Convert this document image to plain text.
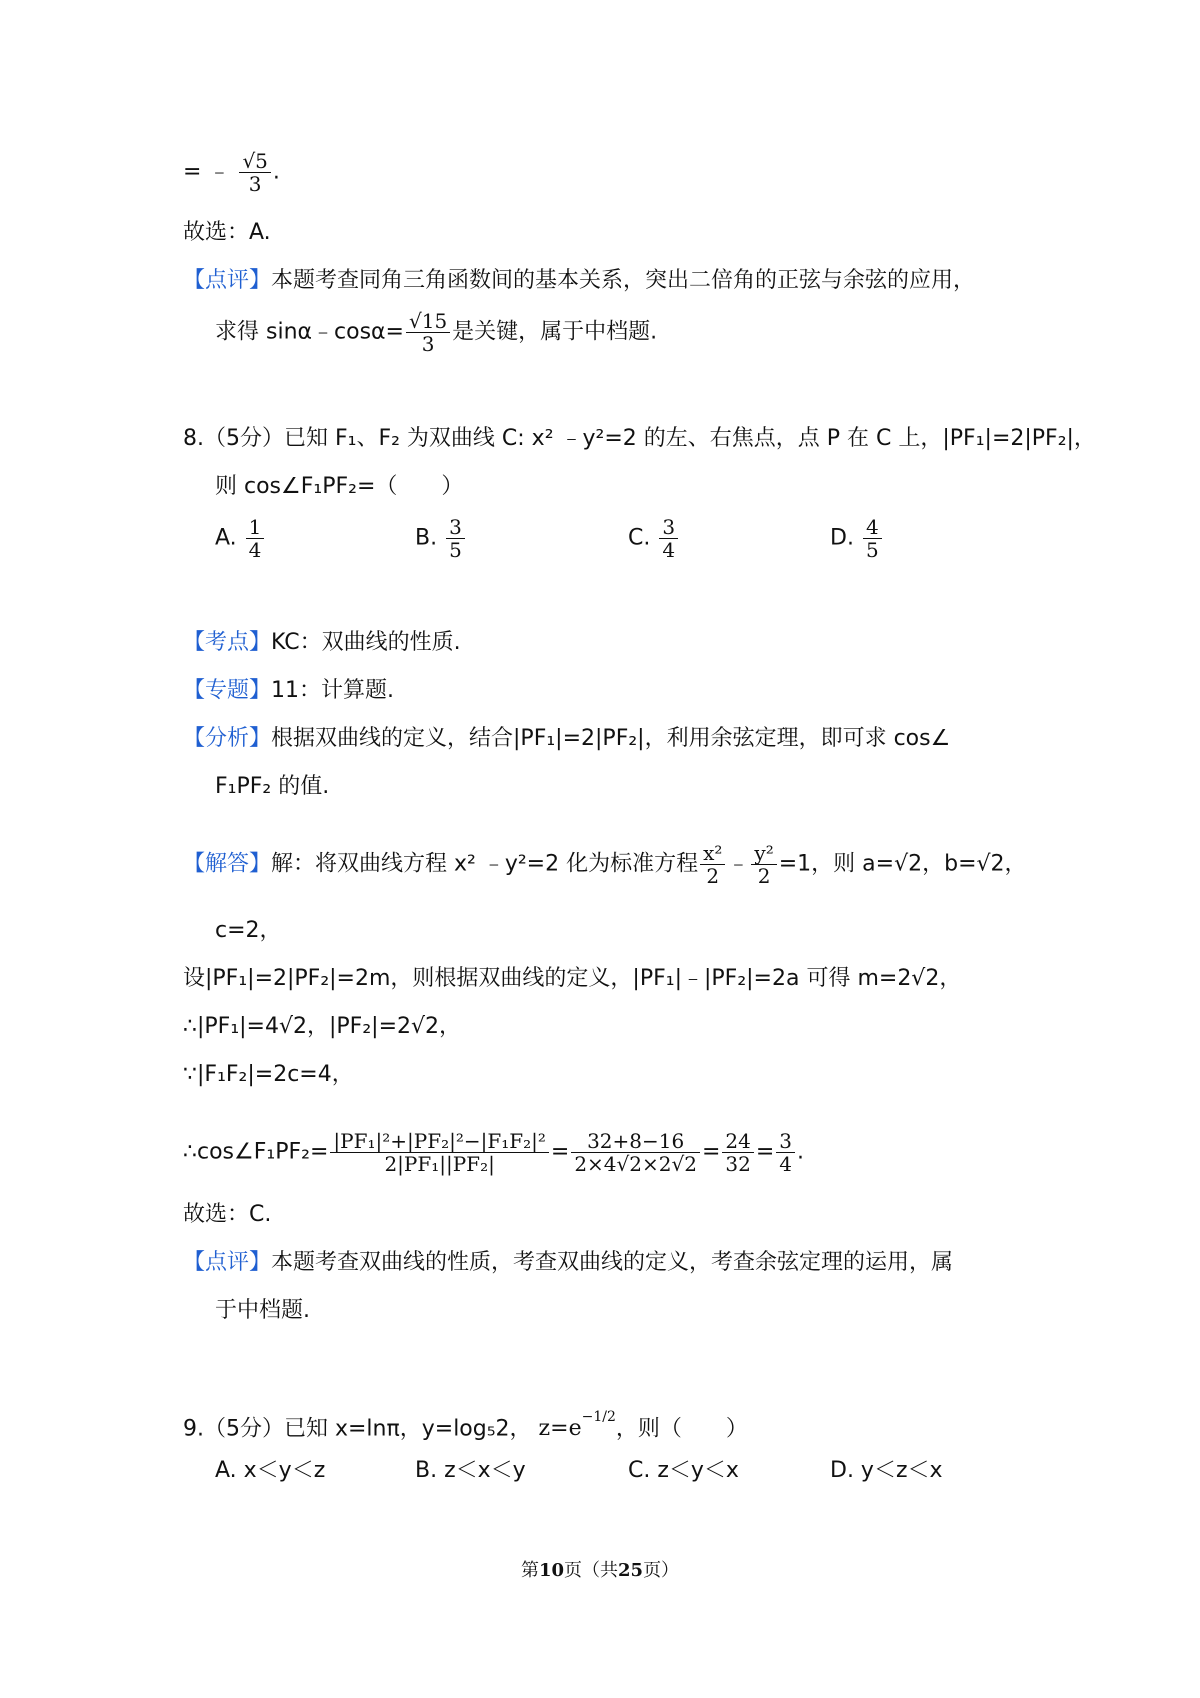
= ﹣ $\frac{√5}{3}$ .
故选：A.
【点评】本题考查同角三角函数间的基本关系，突出二倍角的正弦与余弦的应用，
求得 sinα﹣cosα= $\frac{√15}{3}$ 是关键，属于中档题.
8.（5分）已知 F₁、F₂ 为双曲线 C: x² ﹣y²=2 的左、右焦点，点 P 在 C 上，|PF₁|=2|PF₂|，
则 cos∠F₁PF₂=（　　）
A. $\frac{1}{4}$	B. $\frac{3}{5}$	C. $\frac{3}{4}$	D. $\frac{4}{5}$
【考点】KC：双曲线的性质.
【专题】11：计算题.
【分析】根据双曲线的定义，结合|PF₁|=2|PF₂|，利用余弦定理，即可求 cos∠
F₁PF₂ 的值.
【解答】解：将双曲线方程 x² ﹣y²=2 化为标准方程 $\frac{\text{x²}}{2}$ ﹣ $\frac{\text{y²}}{2} =1$，则 a=√2，b=√2，
c=2，
设|PF₁|=2|PF₂|=2m，则根据双曲线的定义，|PF₁|﹣|PF₂|=2a 可得 m=2√2，
∴|PF₁|=4√2，|PF₂|=2√2，
∵|F₁F₂|=2c=4，
∴cos∠F₁PF₂= $\frac{\text{|PF₁|²+|PF₂|²−|F₁F₂|²}}{\text{2|PF₁||PF₂|}} = \frac{32+8-16}{2\times 4√2\times 2√2} = \frac{24}{32} = \frac{3}{4}$ .
故选：C.
【点评】本题考查双曲线的性质，考查双曲线的定义，考查余弦定理的运用，属
于中档题.
9.（5分）已知 x=lnπ，y=log₅2， $z=e^{-1/2}$，则（　　）
A. x＜y＜z	B. z＜x＜y	C. z＜y＜x	D. y＜z＜x
第10页（共25页）
